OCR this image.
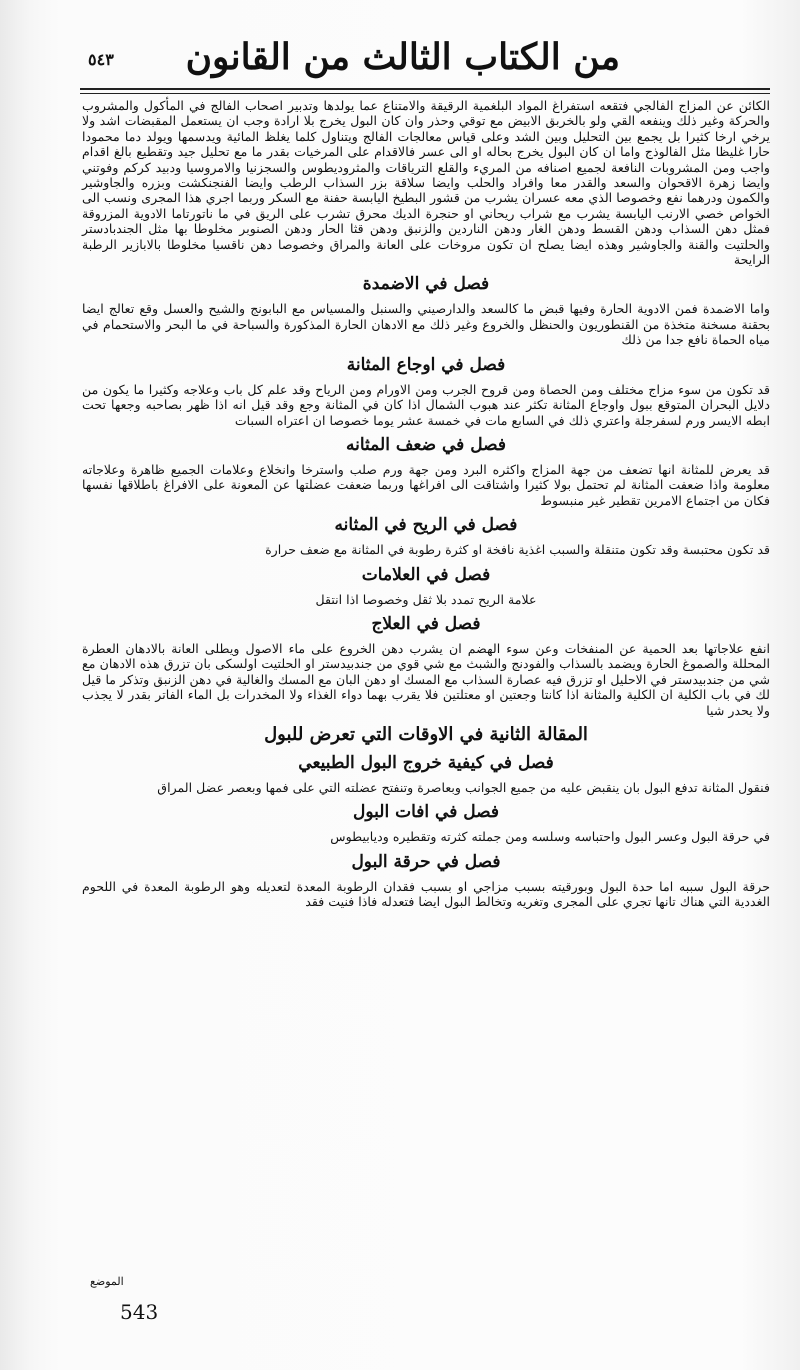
من الكتاب الثالث من القانون
٥٤٣
الكائن عن المزاج الفالجي فتقعه استفراغ المواد البلغمية الرقيقة والامتناع عما يولدها وتدبير اصحاب الفالج في المأكول والمشروب والحركة وغير ذلك وينفعه القي ولو بالخربق الابيض مع توقي وحذر وان كان البول يخرج بلا ارادة وجب ان يستعمل المقبضات اشد ولا يرخي ارخا كثيرا بل يجمع بين التحليل وبين الشد وعلى قياس معالجات الفالج ويتناول كلما يغلظ المائية ويدسمها ويولد دما محمودا حارا غليظا مثل الفالوذج واما ان كان البول يخرج بحاله او الى عسر فالاقدام على المرخيات بقدر ما مع تحليل جيد وتقطيع بالغ اقدام واجب ومن المشروبات النافعة لجميع اصنافه من المريء والقلع الترياقات والمثروديطوس والسجزنيا والامروسيا ودبيد كركم وفوتني وايضا زهرة الاقحوان والسعد والقدر معا وافراد والحلب وايضا سلاقة بزر السذاب الرطب وايضا الفنجنكشت وبزره والجاوشير والكمون ودرهما نفع وخصوصا الذي معه عسران يشرب من قشور البطيخ اليابسة حفنة مع السكر وربما اجري هذا المجرى ونسب الى الخواص خصي الارنب اليابسة يشرب مع شراب ريحاني او حنجرة الديك محرق تشرب على الريق في ما ناتورتاما الادوية المزروقة فمثل دهن السذاب ودهن القسط ودهن الغار ودهن الناردين والزنبق ودهن قثا الحار ودهن الصنوبر مخلوطا بها مثل الجندبادستر والحلتيت والقنة والجاوشير وهذه ايضا يصلح ان تكون مروخات على العانة والمراق وخصوصا دهن ناقسيا مخلوطا بالابازير الرطبة الرايحة
فصل في الاضمدة
واما الاضمدة فمن الادوية الحارة وفيها قبض ما كالسعد والدارصيني والسنبل والمسياس مع البابونج والشيح والعسل وقع تعالج ايضا بحقنة مسخنة متخذة من القنطوريون والحنظل والخروع وغير ذلك مع الادهان الحارة المذكورة والسباحة في ما البحر والاستحمام في مياه الحماة نافع جدا من ذلك
فصل في اوجاع المثانة
قد تكون من سوء مزاج مختلف ومن الحصاة ومن قروح الجرب ومن الاورام ومن الرياح وقد علم كل باب وعلاجه وكثيرا ما يكون من دلايل البحران المتوقع ببول واوجاع المثانة تكثر عند هبوب الشمال اذا كان في المثانة وجع وقد قيل انه اذا ظهر بصاحبه وجعها تحت ابطه الايسر ورم لسفرجلة واعتري ذلك في السابع مات في خمسة عشر يوما خصوصا ان اعتراه السبات
فصل في ضعف المثانه
قد يعرض للمثانة انها تضعف من جهة المزاج واكثره البرد ومن جهة ورم صلب واسترخا وانخلاع وعلامات الجميع ظاهرة وعلاجاته معلومة واذا ضعفت المثانة لم تحتمل بولا كثيرا واشتاقت الى افراغها وربما ضعفت عضلتها عن المعونة على الافراغ باطلاقها نفسها فكان من اجتماع الامرين تقطير غير منبسوط
فصل في الريح في المثانه
قد تكون محتبسة وقد تكون متنقلة والسبب اغذية نافخة او كثرة رطوبة في المثانة مع ضعف حرارة
فصل في العلامات
علامة الريح تمدد بلا ثقل وخصوصا اذا انتقل
فصل في العلاج
انفع علاجاتها بعد الحمية عن المنفخات وعن سوء الهضم ان يشرب دهن الخروع على ماء الاصول ويطلى العانة بالادهان العطرة المحللة والصموغ الحارة ويضمد بالسذاب والفودنج والشبث مع شي قوي من جندبيدستر او الحلتيت اولسكى بان تزرق هذه الادهان مع شي من جندبيدستر في الاحليل او تزرق فيه عصارة السذاب مع المسك او دهن البان مع المسك والغالية في دهن الزنبق وتذكر ما قيل لك في باب الكلية ان الكلية والمثانة اذا كانتا وجعتين او معتلتين فلا يقرب بهما دواء الغذاء ولا المخدرات بل الماء الفاتر بقدر لا يجذب ولا يحدر شيا
المقالة الثانية في الاوقات التي تعرض للبول
فصل في كيفية خروج البول الطبيعي
فنقول المثانة تدفع البول بان ينقبض عليه من جميع الجوانب وبعاصرة وتنفتح عضلته التي على فمها وبعصر عضل المراق
فصل في افات البول
في حرقة البول وعسر البول واحتباسه وسلسه ومن جملته كثرته وتقطيره وديابيطوس
فصل في حرقة البول
حرقة البول سببه اما حدة البول وبورقيته بسبب مزاجي او بسبب فقدان الرطوبة المعدة لتعديله وهو الرطوبة المعدة في اللحوم الغددية التي هناك تانها تجري على المجرى وتغريه وتخالط البول ايضا فتعدله فاذا فنيت فقد
الموضع
543
